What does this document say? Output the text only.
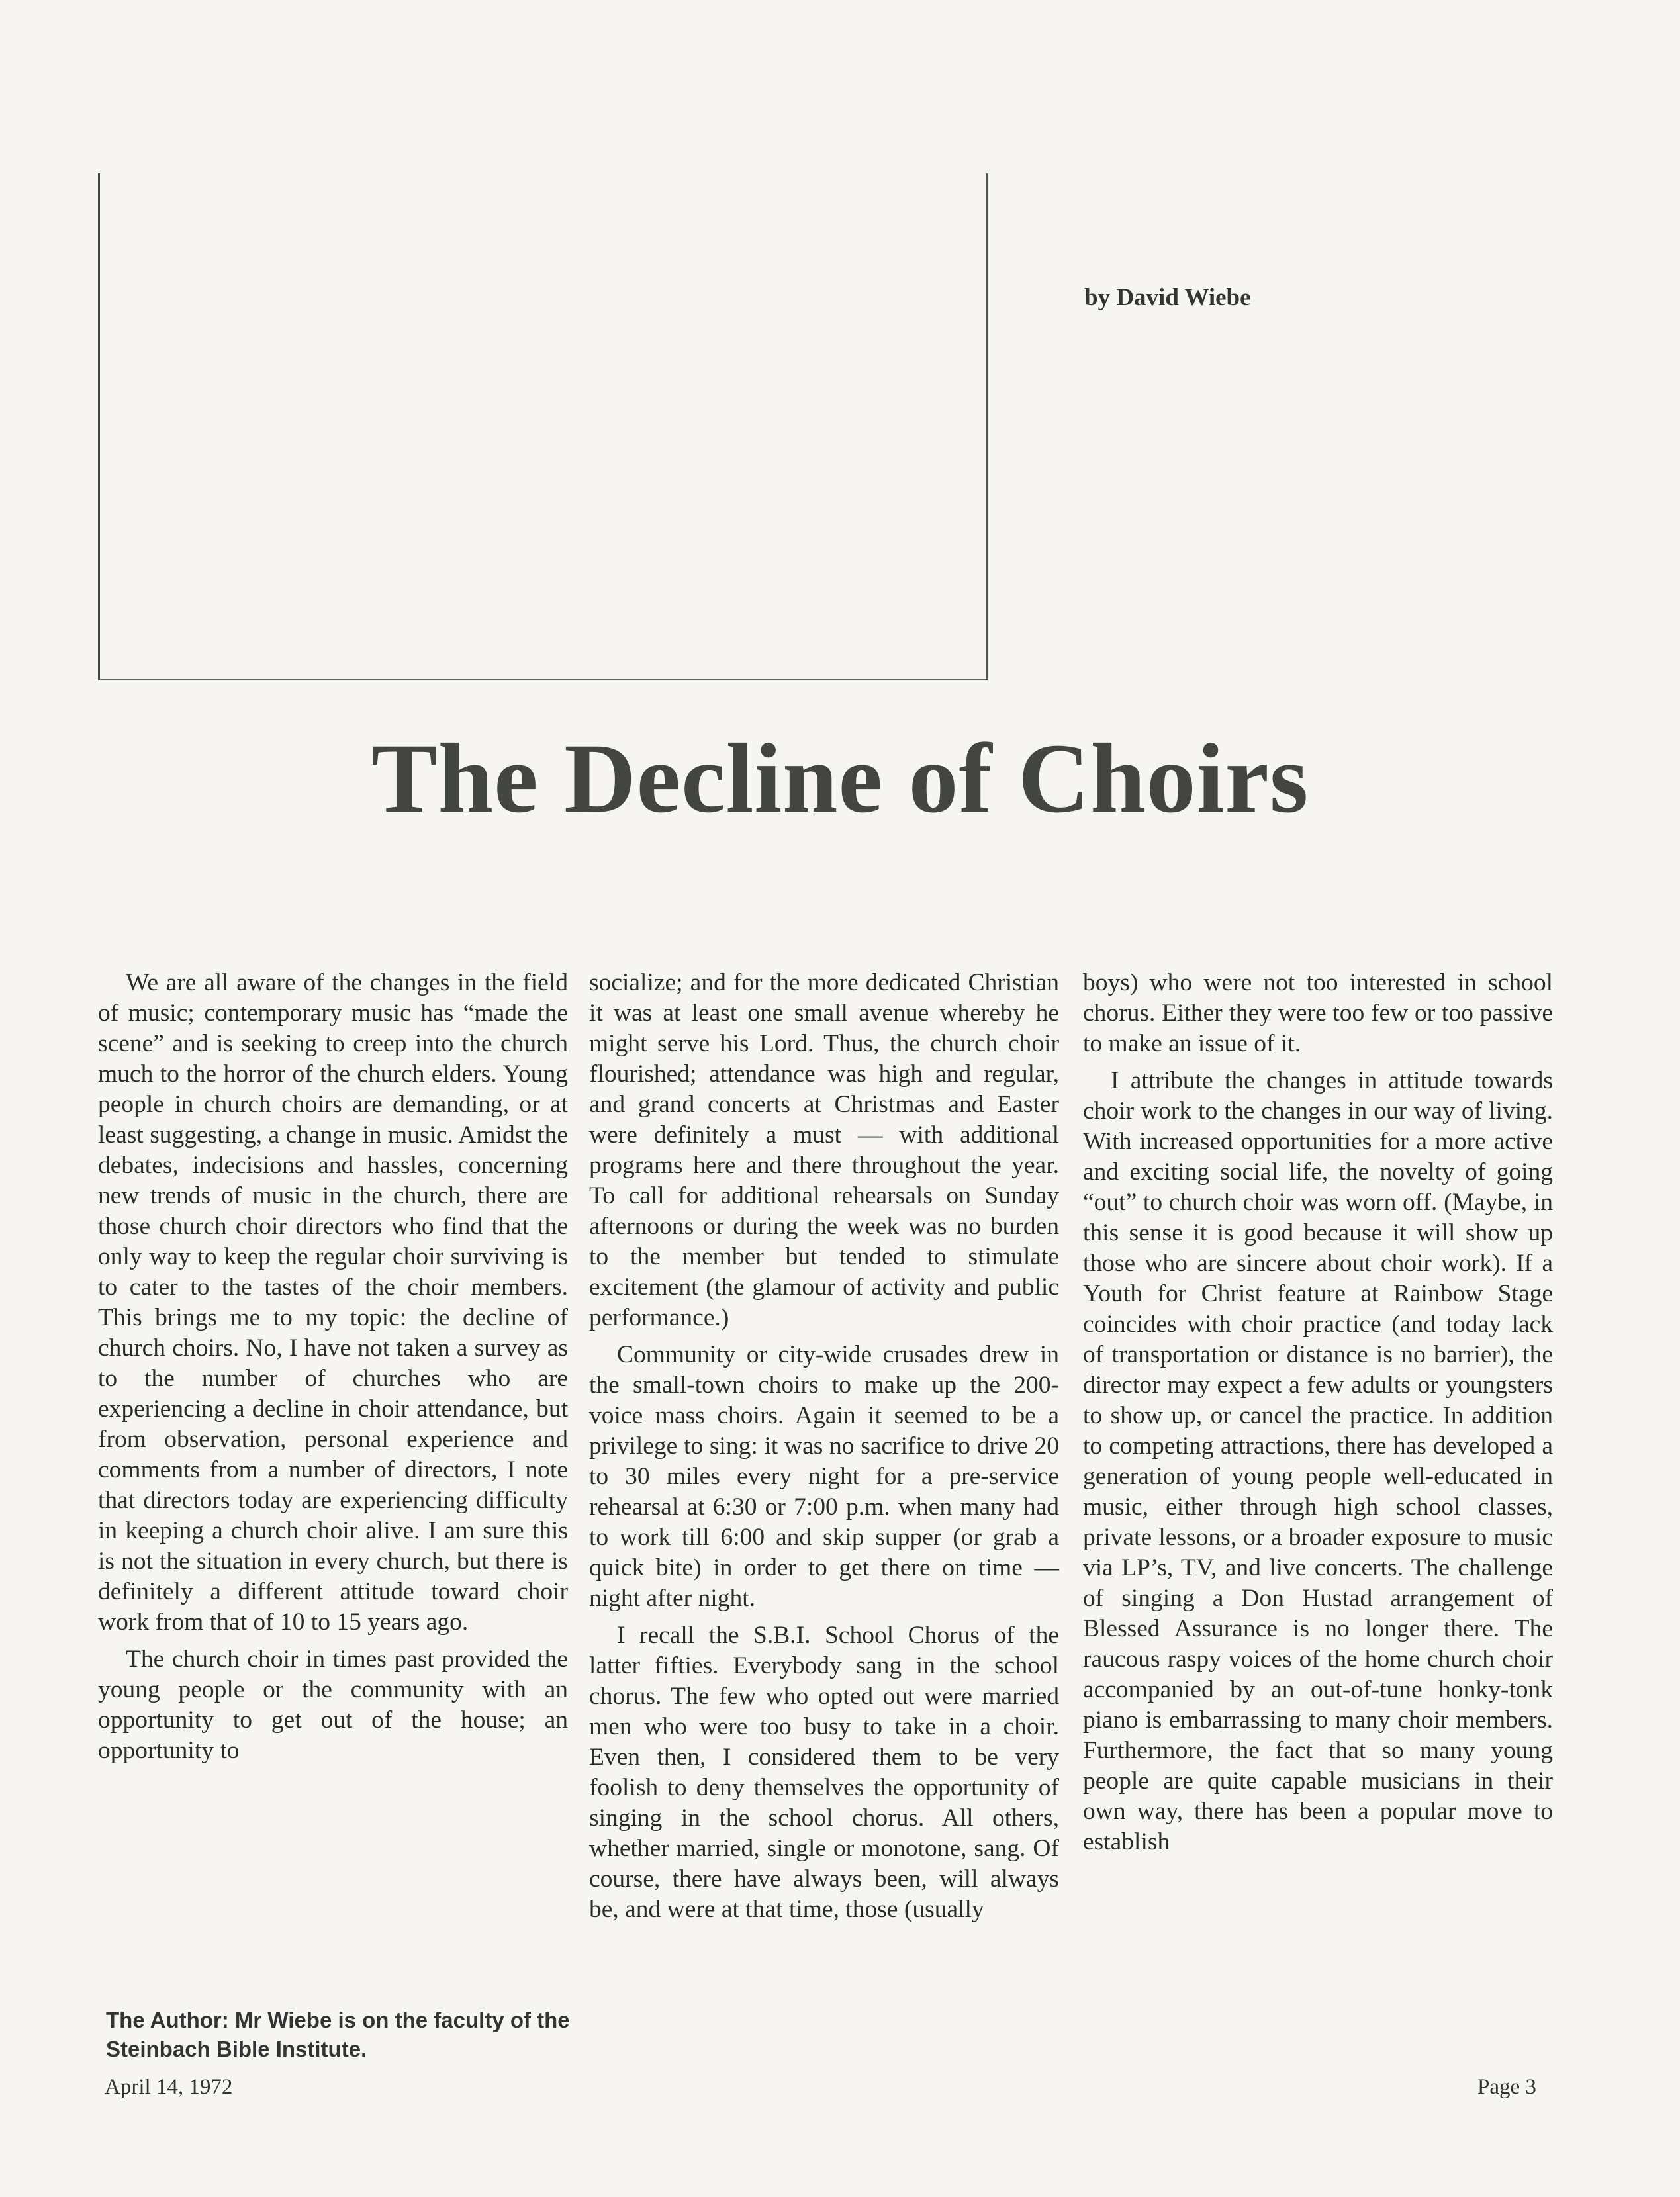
by David Wiebe
The Decline of Choirs

We are all aware of the changes in the field of music; contemporary music has “made the scene” and is seeking to creep into the church much to the horror of the church elders. Young people in church choirs are demanding, or at least suggesting, a change in music. Amidst the debates, indecisions and hassles, concerning new trends of music in the church, there are those church choir directors who find that the only way to keep the regular choir surviving is to cater to the tastes of the choir members. This brings me to my topic: the decline of church choirs. No, I have not taken a survey as to the number of churches who are experiencing a decline in choir attendance, but from observation, personal experience and comments from a number of directors, I note that directors today are experiencing difficulty in keeping a church choir alive. I am sure this is not the situation in every church, but there is definitely a different attitude toward choir work from that of 10 to 15 years ago.

The church choir in times past provided the young people or the community with an opportunity to get out of the house; an opportunity to

socialize; and for the more dedicated Christian it was at least one small avenue whereby he might serve his Lord. Thus, the church choir flourished; attendance was high and regular, and grand concerts at Christmas and Easter were definitely a must — with additional programs here and there throughout the year. To call for additional rehearsals on Sunday afternoons or during the week was no burden to the member but tended to stimulate excitement (the glamour of activity and public performance.)

Community or city-wide crusades drew in the small-town choirs to make up the 200-voice mass choirs. Again it seemed to be a privilege to sing: it was no sacrifice to drive 20 to 30 miles every night for a pre-service rehearsal at 6:30 or 7:00 p.m. when many had to work till 6:00 and skip supper (or grab a quick bite) in order to get there on time — night after night.

I recall the S.B.I. School Chorus of the latter fifties. Everybody sang in the school chorus. The few who opted out were married men who were too busy to take in a choir. Even then, I considered them to be very foolish to deny themselves the opportunity of singing in the school chorus. All others, whether married, single or monotone, sang. Of course, there have always been, will always be, and were at that time, those (usually

boys) who were not too interested in school chorus. Either they were too few or too passive to make an issue of it.

I attribute the changes in attitude towards choir work to the changes in our way of living. With increased opportunities for a more active and exciting social life, the novelty of going “out” to church choir was worn off. (Maybe, in this sense it is good because it will show up those who are sincere about choir work). If a Youth for Christ feature at Rainbow Stage coincides with choir practice (and today lack of transportation or distance is no barrier), the director may expect a few adults or youngsters to show up, or cancel the practice. In addition to competing attractions, there has developed a generation of young people well-educated in music, either through high school classes, private lessons, or a broader exposure to music via LP’s, TV, and live concerts. The challenge of singing a Don Hustad arrangement of Blessed Assurance is no longer there. The raucous raspy voices of the home church choir accompanied by an out-of-tune honky-tonk piano is embarrassing to many choir members. Furthermore, the fact that so many young people are quite capable musicians in their own way, there has been a popular move to establish

The Author: Mr Wiebe is on the faculty of the Steinbach Bible Institute.
April 14, 1972	Page 3
